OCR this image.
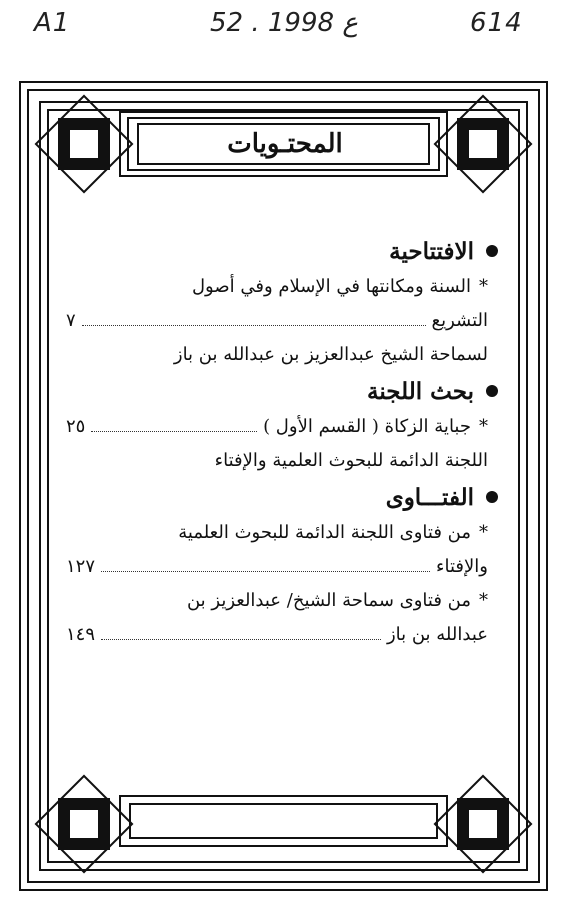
A1	52 . ع 1998	614
المحتـويات
الافتتاحية
*
السنة ومكانتها في الإسلام وفي أصول
التشريع
٧
لسماحة الشيخ عبدالعزيز بن عبدالله بن باز
بحث اللجنة
*
جباية الزكاة ( القسم الأول )
٢٥
اللجنة الدائمة للبحوث العلمية والإفتاء
الفتـــاوى
*
من فتاوى اللجنة الدائمة للبحوث العلمية
والإفتاء
١٢٧
*
من فتاوى سماحة الشيخ/ عبدالعزيز بن
عبدالله بن باز
١٤٩
